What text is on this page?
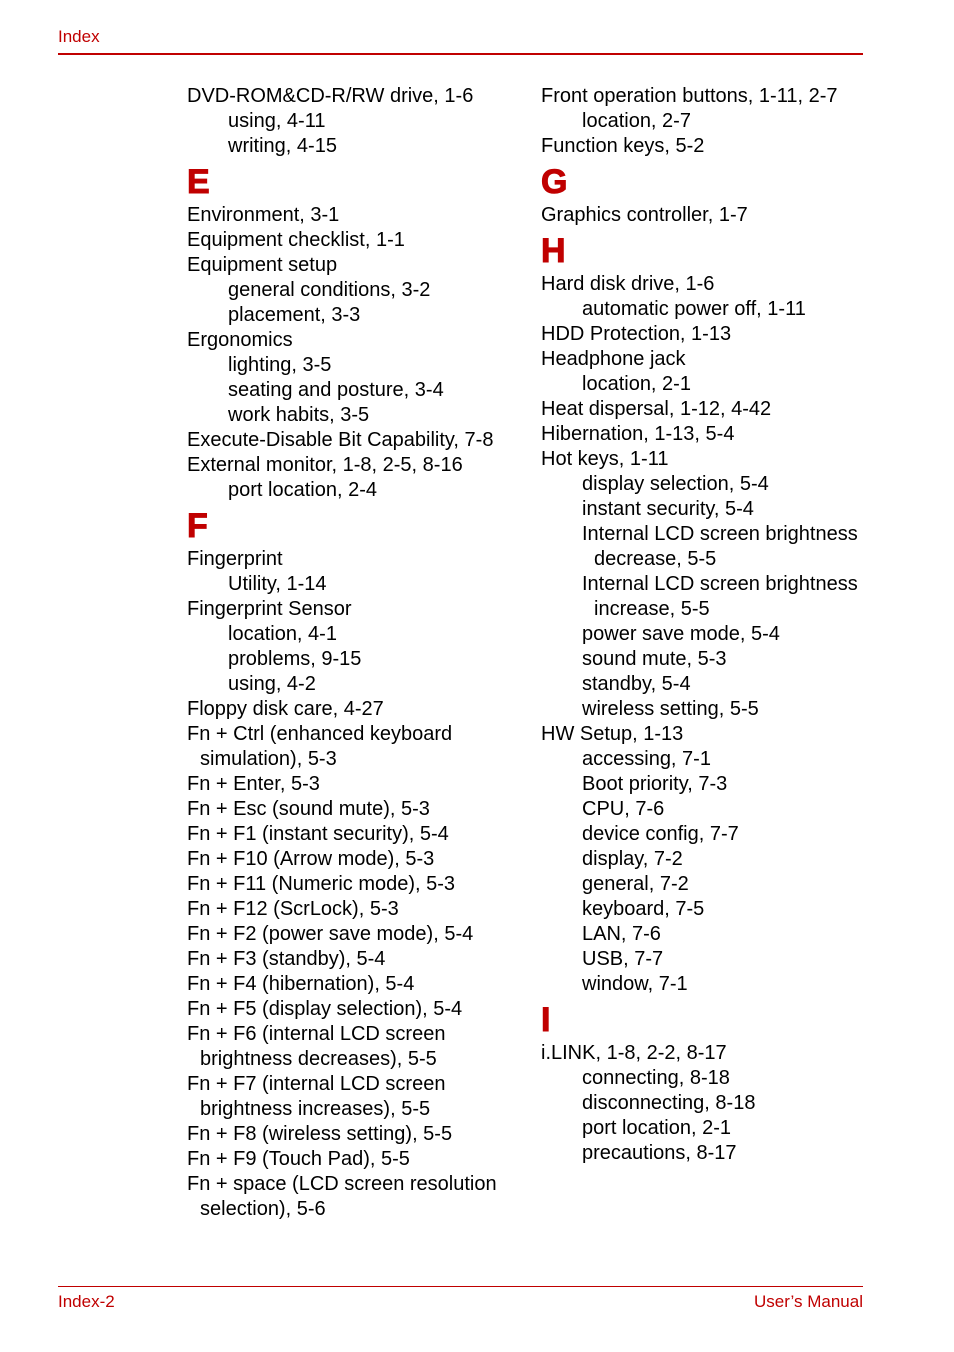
Index
DVD-ROM&CD-R/RW drive, 1-6
using, 4-11
writing, 4-15
E
Environment, 3-1
Equipment checklist, 1-1
Equipment setup
general conditions, 3-2
placement, 3-3
Ergonomics
lighting, 3-5
seating and posture, 3-4
work habits, 3-5
Execute-Disable Bit Capability, 7-8
External monitor, 1-8, 2-5, 8-16
port location, 2-4
F
Fingerprint
Utility, 1-14
Fingerprint Sensor
location, 4-1
problems, 9-15
using, 4-2
Floppy disk care, 4-27
Fn + Ctrl (enhanced keyboard
simulation), 5-3
Fn + Enter, 5-3
Fn + Esc (sound mute), 5-3
Fn + F1 (instant security), 5-4
Fn + F10 (Arrow mode), 5-3
Fn + F11 (Numeric mode), 5-3
Fn + F12 (ScrLock), 5-3
Fn + F2 (power save mode), 5-4
Fn + F3 (standby), 5-4
Fn + F4 (hibernation), 5-4
Fn + F5 (display selection), 5-4
Fn + F6 (internal LCD screen
brightness decreases), 5-5
Fn + F7 (internal LCD screen
brightness increases), 5-5
Fn + F8 (wireless setting), 5-5
Fn + F9 (Touch Pad), 5-5
Fn + space (LCD screen resolution
selection), 5-6
Front operation buttons, 1-11, 2-7
location, 2-7
Function keys, 5-2
G
Graphics controller, 1-7
H
Hard disk drive, 1-6
automatic power off, 1-11
HDD Protection, 1-13
Headphone jack
location, 2-1
Heat dispersal, 1-12, 4-42
Hibernation, 1-13, 5-4
Hot keys, 1-11
display selection, 5-4
instant security, 5-4
Internal LCD screen brightness
decrease, 5-5
Internal LCD screen brightness
increase, 5-5
power save mode, 5-4
sound mute, 5-3
standby, 5-4
wireless setting, 5-5
HW Setup, 1-13
accessing, 7-1
Boot priority, 7-3
CPU, 7-6
device config, 7-7
display, 7-2
general, 7-2
keyboard, 7-5
LAN, 7-6
USB, 7-7
window, 7-1
I
i.LINK, 1-8, 2-2, 8-17
connecting, 8-18
disconnecting, 8-18
port location, 2-1
precautions, 8-17
Index-2	User’s Manual
